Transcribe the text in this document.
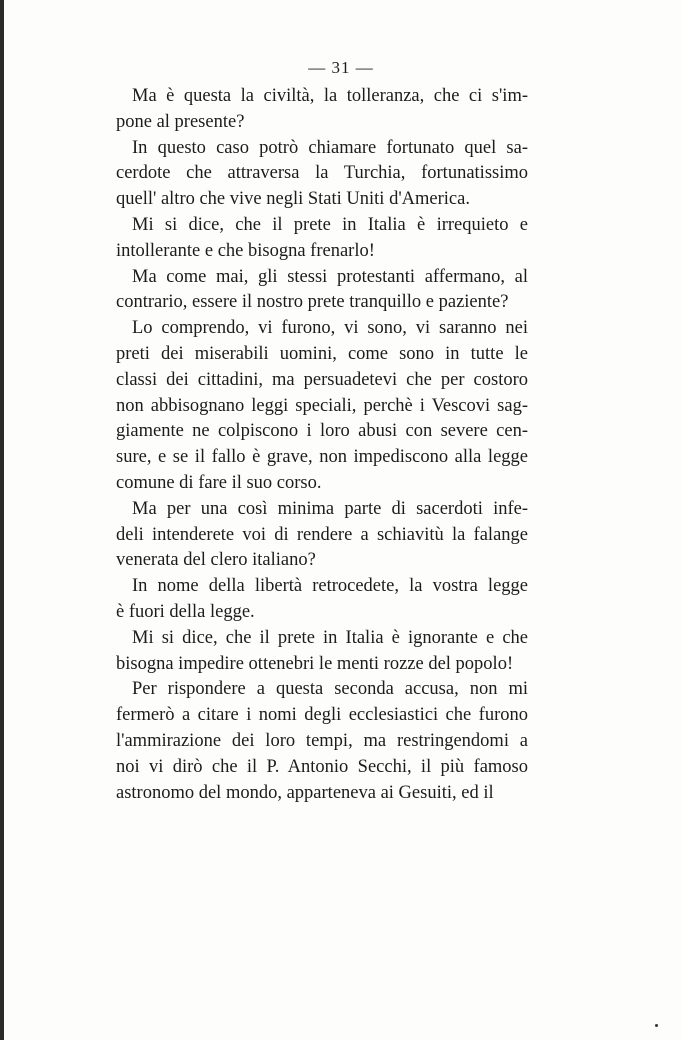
— 31 —
Ma è questa la civiltà, la tolleranza, che ci s'im-
pone al presente?
In questo caso potrò chiamare fortunato quel sa-
cerdote che attraversa la Turchia, fortunatissimo
quell' altro che vive negli Stati Uniti d'America.
Mi si dice, che il prete in Italia è irrequieto e
intollerante e che bisogna frenarlo!
Ma come mai, gli stessi protestanti affermano, al
contrario, essere il nostro prete tranquillo e paziente?
Lo comprendo, vi furono, vi sono, vi saranno nei
preti dei miserabili uomini, come sono in tutte le
classi dei cittadini, ma persuadetevi che per costoro
non abbisognano leggi speciali, perchè i Vescovi sag-
giamente ne colpiscono i loro abusi con severe cen-
sure, e se il fallo è grave, non impediscono alla legge
comune di fare il suo corso.
Ma per una così minima parte di sacerdoti infe-
deli intenderete voi di rendere a schiavitù la falange
venerata del clero italiano?
In nome della libertà retrocedete, la vostra legge
è fuori della legge.
Mi si dice, che il prete in Italia è ignorante e che
bisogna impedire ottenebri le menti rozze del popolo!
Per rispondere a questa seconda accusa, non mi
fermerò a citare i nomi degli ecclesiastici che furono
l'ammirazione dei loro tempi, ma restringendomi a
noi vi dirò che il P. Antonio Secchi, il più famoso
astronomo del mondo, apparteneva ai Gesuiti, ed il
